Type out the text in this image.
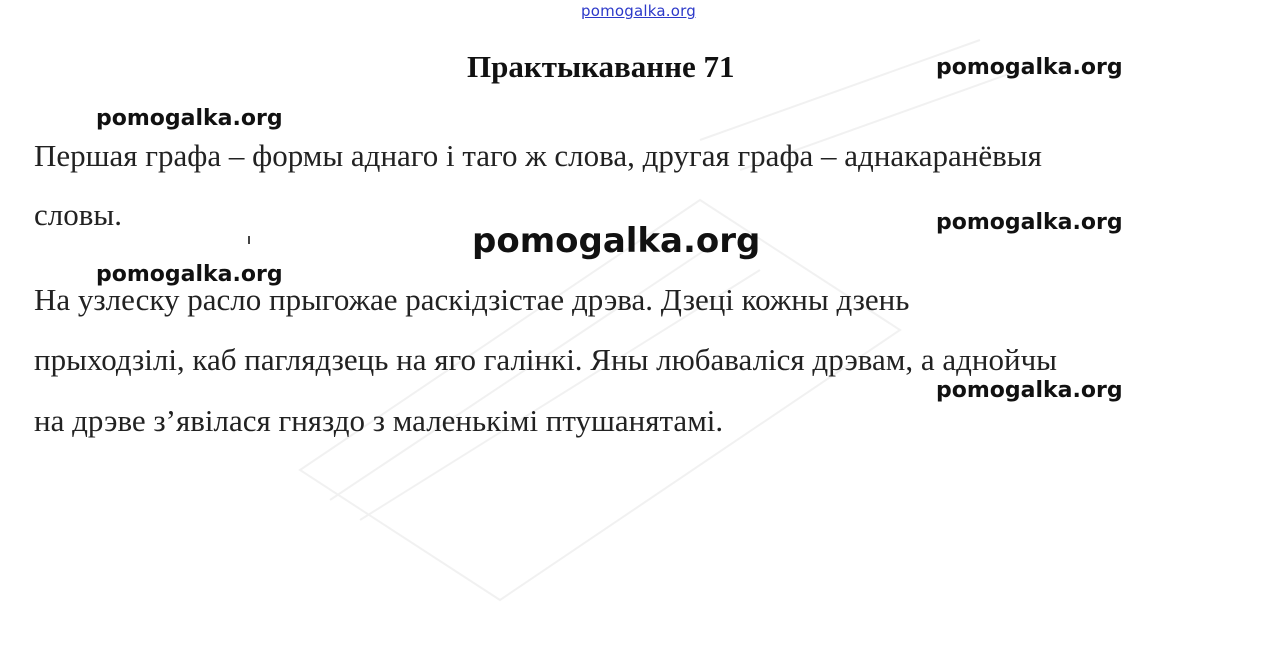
pomogalka.org
Практыкаванне 71	pomogalka.org
pomogalka.org
pomogalka.org
pomogalka.org
pomogalka.org
pomogalka.org
Першая графа – формы аднаго і таго ж слова, другая графа – аднакаранёвыя
словы.
На узлеску расло прыгожае раскідзістае дрэва. Дзеці кожны дзень
прыходзілі, каб паглядзець на яго галінкі. Яны любаваліся дрэвам, а аднойчы
на дрэве з’явілася гняздо з маленькімі птушанятамі.
